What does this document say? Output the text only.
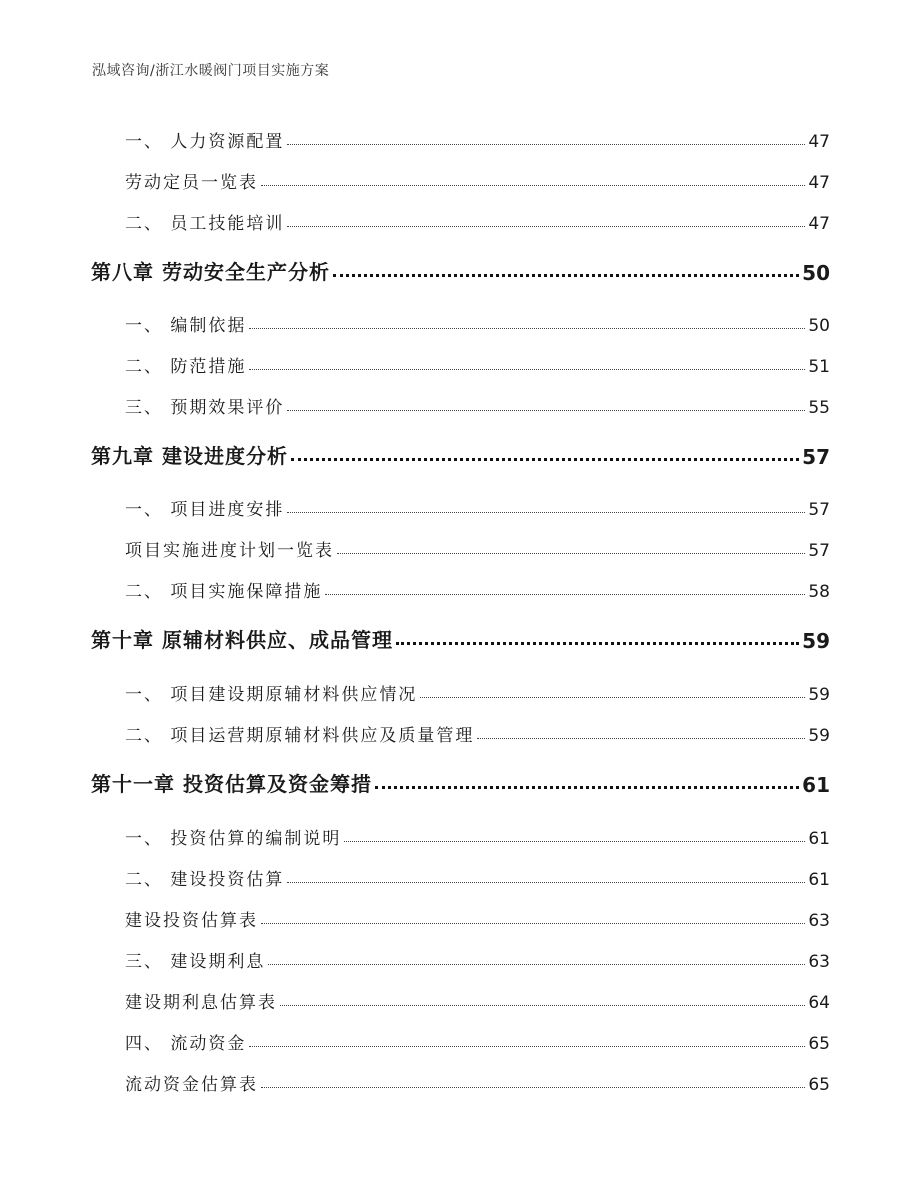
泓域咨询/浙江水暖阀门项目实施方案
一、 人力资源配置	47
劳动定员一览表	47
二、 员工技能培训	47
第八章 劳动安全生产分析	50
一、 编制依据	50
二、 防范措施	51
三、 预期效果评价	55
第九章 建设进度分析	57
一、 项目进度安排	57
项目实施进度计划一览表	57
二、 项目实施保障措施	58
第十章 原辅材料供应、成品管理	59
一、 项目建设期原辅材料供应情况	59
二、 项目运营期原辅材料供应及质量管理	59
第十一章 投资估算及资金筹措	61
一、 投资估算的编制说明	61
二、 建设投资估算	61
建设投资估算表	63
三、 建设期利息	63
建设期利息估算表	64
四、 流动资金	65
流动资金估算表	65
